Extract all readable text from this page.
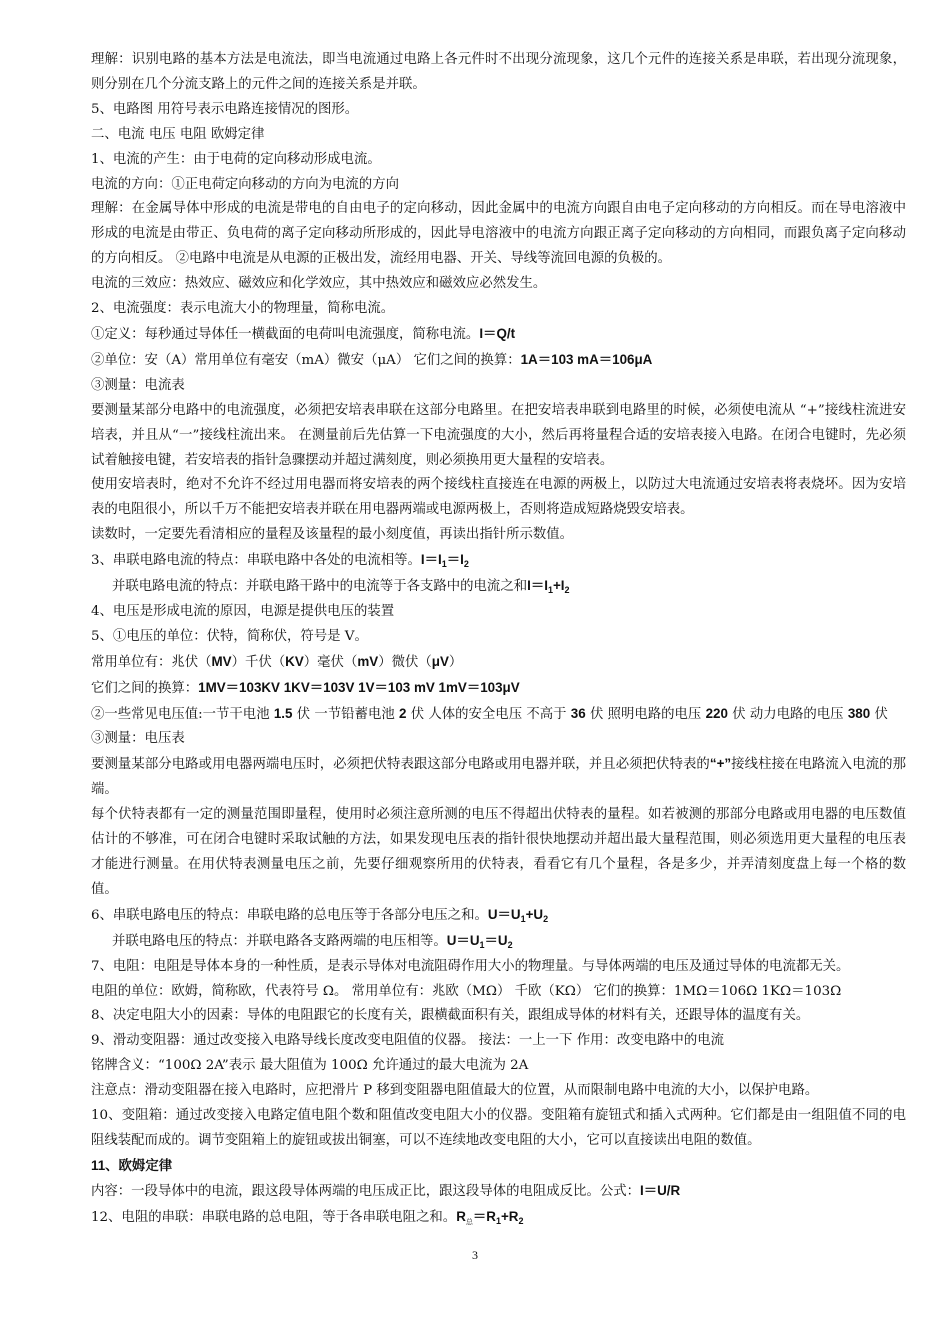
理解：识别电路的基本方法是电流法，即当电流通过电路上各元件时不出现分流现象，这几个元件的连接关系是串联，若出现分流现象，则分别在几个分流支路上的元件之间的连接关系是并联。

5、电路图 用符号表示电路连接情况的图形。

二、电流 电压 电阻 欧姆定律

1、电流的产生：由于电荷的定向移动形成电流。

电流的方向：①正电荷定向移动的方向为电流的方向

理解：在金属导体中形成的电流是带电的自由电子的定向移动，因此金属中的电流方向跟自由电子定向移动的方向相反。而在导电溶液中形成的电流是由带正、负电荷的离子定向移动所形成的，因此导电溶液中的电流方向跟正离子定向移动的方向相同，而跟负离子定向移动的方向相反。 ②电路中电流是从电源的正极出发，流经用电器、开关、导线等流回电源的负极的。

电流的三效应：热效应、磁效应和化学效应，其中热效应和磁效应必然发生。

2、电流强度：表示电流大小的物理量，简称电流。

①定义：每秒通过导体任一横截面的电荷叫电流强度，简称电流。I＝Q/t

②单位：安（A）常用单位有毫安（mA）微安（μA） 它们之间的换算：1A＝103 mA＝106μA

③测量：电流表

要测量某部分电路中的电流强度，必须把安培表串联在这部分电路里。在把安培表串联到电路里的时候，必须使电流从 “+”接线柱流进安培表，并且从“一”接线柱流出来。 在测量前后先估算一下电流强度的大小，然后再将量程合适的安培表接入电路。在闭合电键时，先必须试着触接电键，若安培表的指针急骤摆动并超过满刻度，则必须换用更大量程的安培表。

使用安培表时，绝对不允许不经过用电器而将安培表的两个接线柱直接连在电源的两极上，以防过大电流通过安培表将表烧坏。因为安培表的电阻很小，所以千万不能把安培表并联在用电器两端或电源两极上，否则将造成短路烧毁安培表。

读数时，一定要先看清相应的量程及该量程的最小刻度值，再读出指针所示数值。

3、串联电路电流的特点：串联电路中各处的电流相等。$I=I_1=I_2$

并联电路电流的特点：并联电路干路中的电流等于各支路中的电流之和$I=I_1+I_2$

4、电压是形成电流的原因，电源是提供电压的装置

5、①电压的单位：伏特，简称伏，符号是 V。

常用单位有：兆伏（MV）千伏（KV）毫伏（mV）微伏（μV）

它们之间的换算：1MV＝103KV 1KV＝103V 1V＝103 mV 1mV＝103μV

②一些常见电压值:一节干电池 1.5 伏 一节铅蓄电池 2 伏 人体的安全电压 不高于 36 伏 照明电路的电压 220 伏 动力电路的电压 380 伏

③测量：电压表

要测量某部分电路或用电器两端电压时，必须把伏特表跟这部分电路或用电器并联，并且必须把伏特表的“+”接线柱接在电路流入电流的那端。

每个伏特表都有一定的测量范围即量程，使用时必须注意所测的电压不得超出伏特表的量程。如若被测的那部分电路或用电器的电压数值估计的不够准，可在闭合电键时采取试触的方法，如果发现电压表的指针很快地摆动并超出最大量程范围，则必须选用更大量程的电压表才能进行测量。在用伏特表测量电压之前，先要仔细观察所用的伏特表，看看它有几个量程，各是多少，并弄清刻度盘上每一个格的数值。

6、串联电路电压的特点：串联电路的总电压等于各部分电压之和。$U=U_1+U_2$

并联电路电压的特点：并联电路各支路两端的电压相等。$U=U_1=U_2$

7、电阻：电阻是导体本身的一种性质，是表示导体对电流阻碍作用大小的物理量。与导体两端的电压及通过导体的电流都无关。

电阻的单位：欧姆，简称欧，代表符号 Ω。 常用单位有：兆欧（MΩ） 千欧（KΩ） 它们的换算：1MΩ＝106Ω 1KΩ＝103Ω

8、决定电阻大小的因素：导体的电阻跟它的长度有关，跟横截面积有关，跟组成导体的材料有关，还跟导体的温度有关。

9、滑动变阻器：通过改变接入电路导线长度改变电阻值的仪器。 接法：一上一下 作用：改变电路中的电流

铭牌含义：“100Ω 2A”表示 最大阻值为 100Ω 允许通过的最大电流为 2A

注意点：滑动变阻器在接入电路时，应把滑片 P 移到变阻器电阻值最大的位置，从而限制电路中电流的大小，以保护电路。

10、变阻箱：通过改变接入电路定值电阻个数和阻值改变电阻大小的仪器。变阻箱有旋钮式和插入式两种。它们都是由一组阻值不同的电阻线装配而成的。调节变阻箱上的旋钮或拔出铜塞，可以不连续地改变电阻的大小，它可以直接读出电阻的数值。

11、欧姆定律

内容：一段导体中的电流，跟这段导体两端的电压成正比，跟这段导体的电阻成反比。公式：I＝U/R

12、电阻的串联：串联电路的总电阻，等于各串联电阻之和。$R_总=R_1+R_2$

3
